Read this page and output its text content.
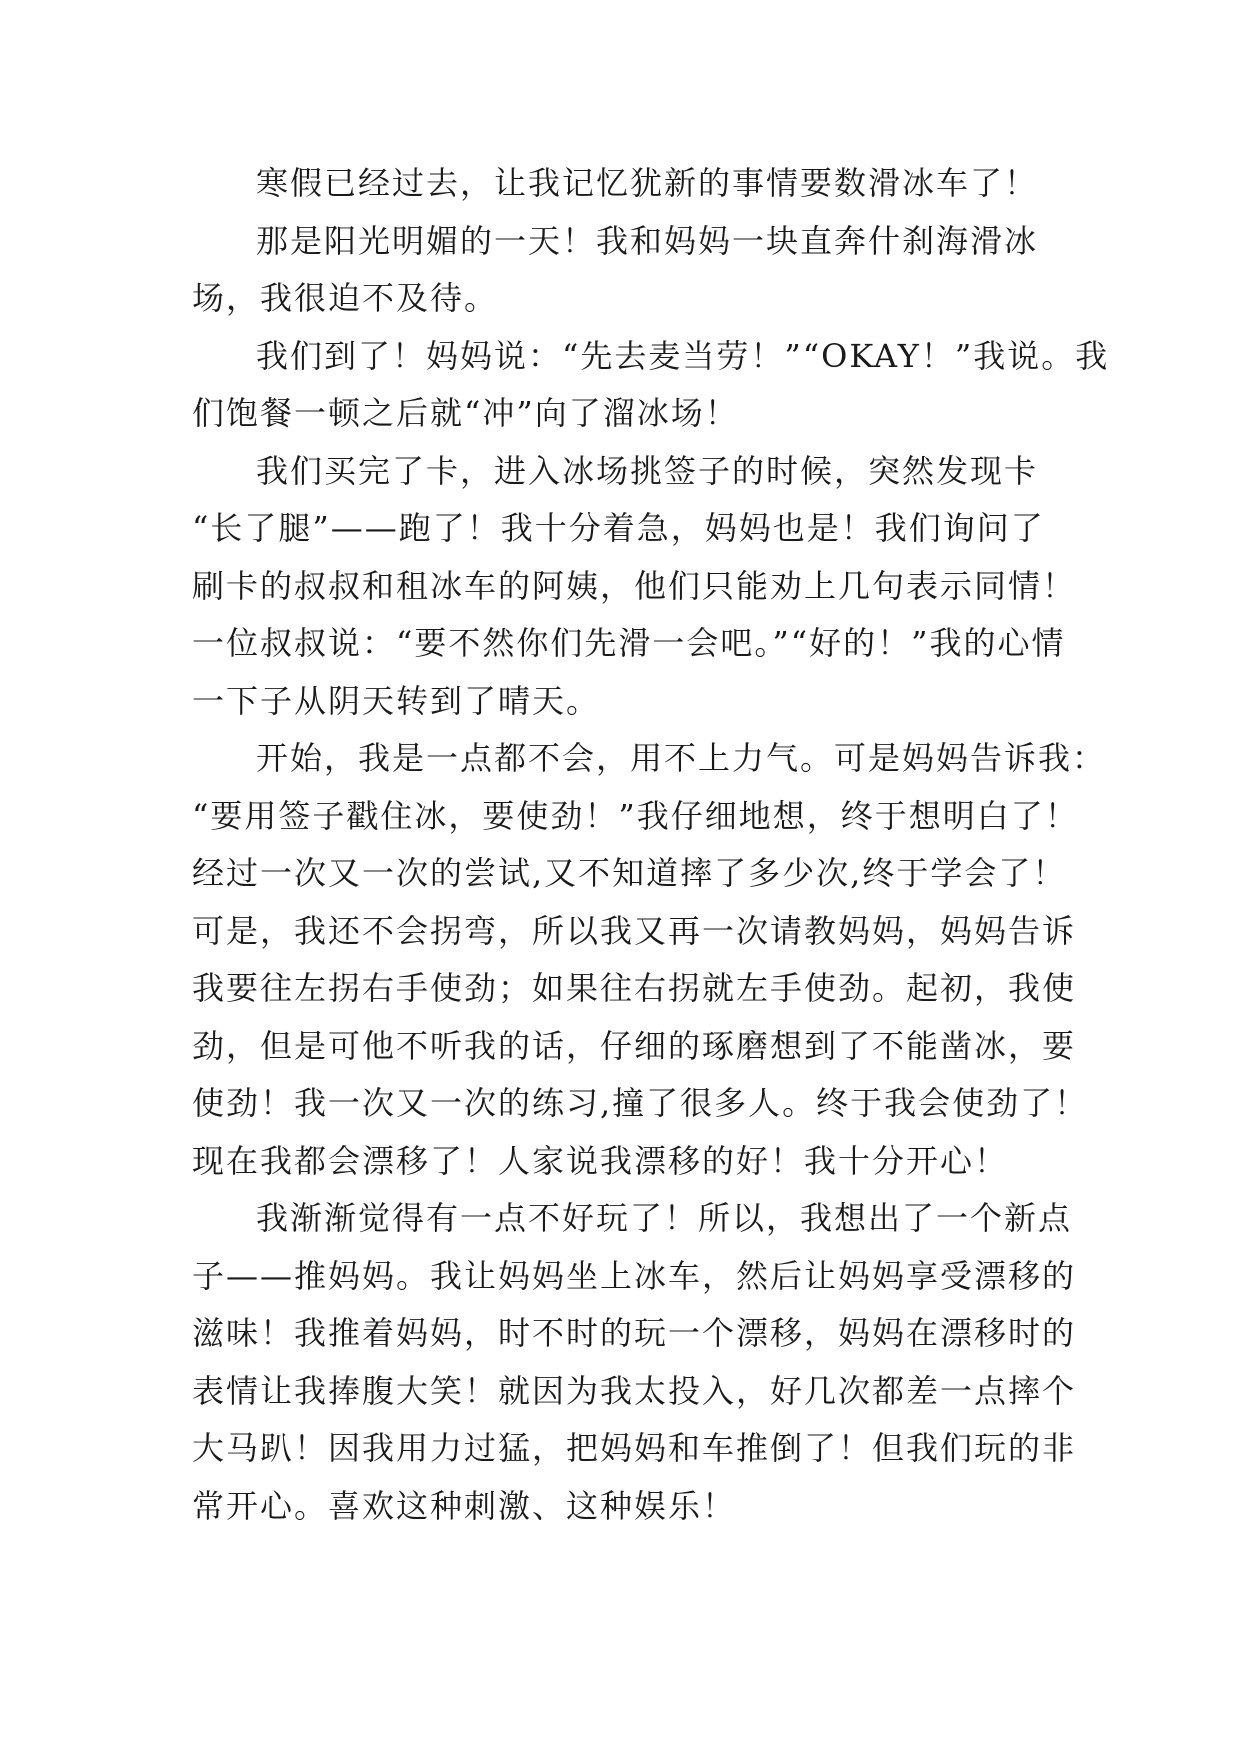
寒假已经过去，让我记忆犹新的事情要数滑冰车了！
那是阳光明媚的一天！我和妈妈一块直奔什刹海滑冰
场，我很迫不及待。
我们到了！妈妈说：“先去麦当劳！”“OKAY！”我说。我
们饱餐一顿之后就“冲”向了溜冰场！
我们买完了卡，进入冰场挑签子的时候，突然发现卡
“长了腿”——跑了！我十分着急，妈妈也是！我们询问了
刷卡的叔叔和租冰车的阿姨，他们只能劝上几句表示同情！
一位叔叔说：“要不然你们先滑一会吧。”“好的！”我的心情
一下子从阴天转到了晴天。
开始，我是一点都不会，用不上力气。可是妈妈告诉我：
“要用签子戳住冰，要使劲！”我仔细地想，终于想明白了！
经过一次又一次的尝试,又不知道摔了多少次,终于学会了！
可是，我还不会拐弯，所以我又再一次请教妈妈，妈妈告诉
我要往左拐右手使劲；如果往右拐就左手使劲。起初，我使
劲，但是可他不听我的话，仔细的琢磨想到了不能凿冰，要
使劲！我一次又一次的练习,撞了很多人。终于我会使劲了！
现在我都会漂移了！人家说我漂移的好！我十分开心！
我渐渐觉得有一点不好玩了！所以，我想出了一个新点
子——推妈妈。我让妈妈坐上冰车，然后让妈妈享受漂移的
滋味！我推着妈妈，时不时的玩一个漂移，妈妈在漂移时的
表情让我捧腹大笑！就因为我太投入，好几次都差一点摔个
大马趴！因我用力过猛，把妈妈和车推倒了！但我们玩的非
常开心。喜欢这种刺激、这种娱乐！
